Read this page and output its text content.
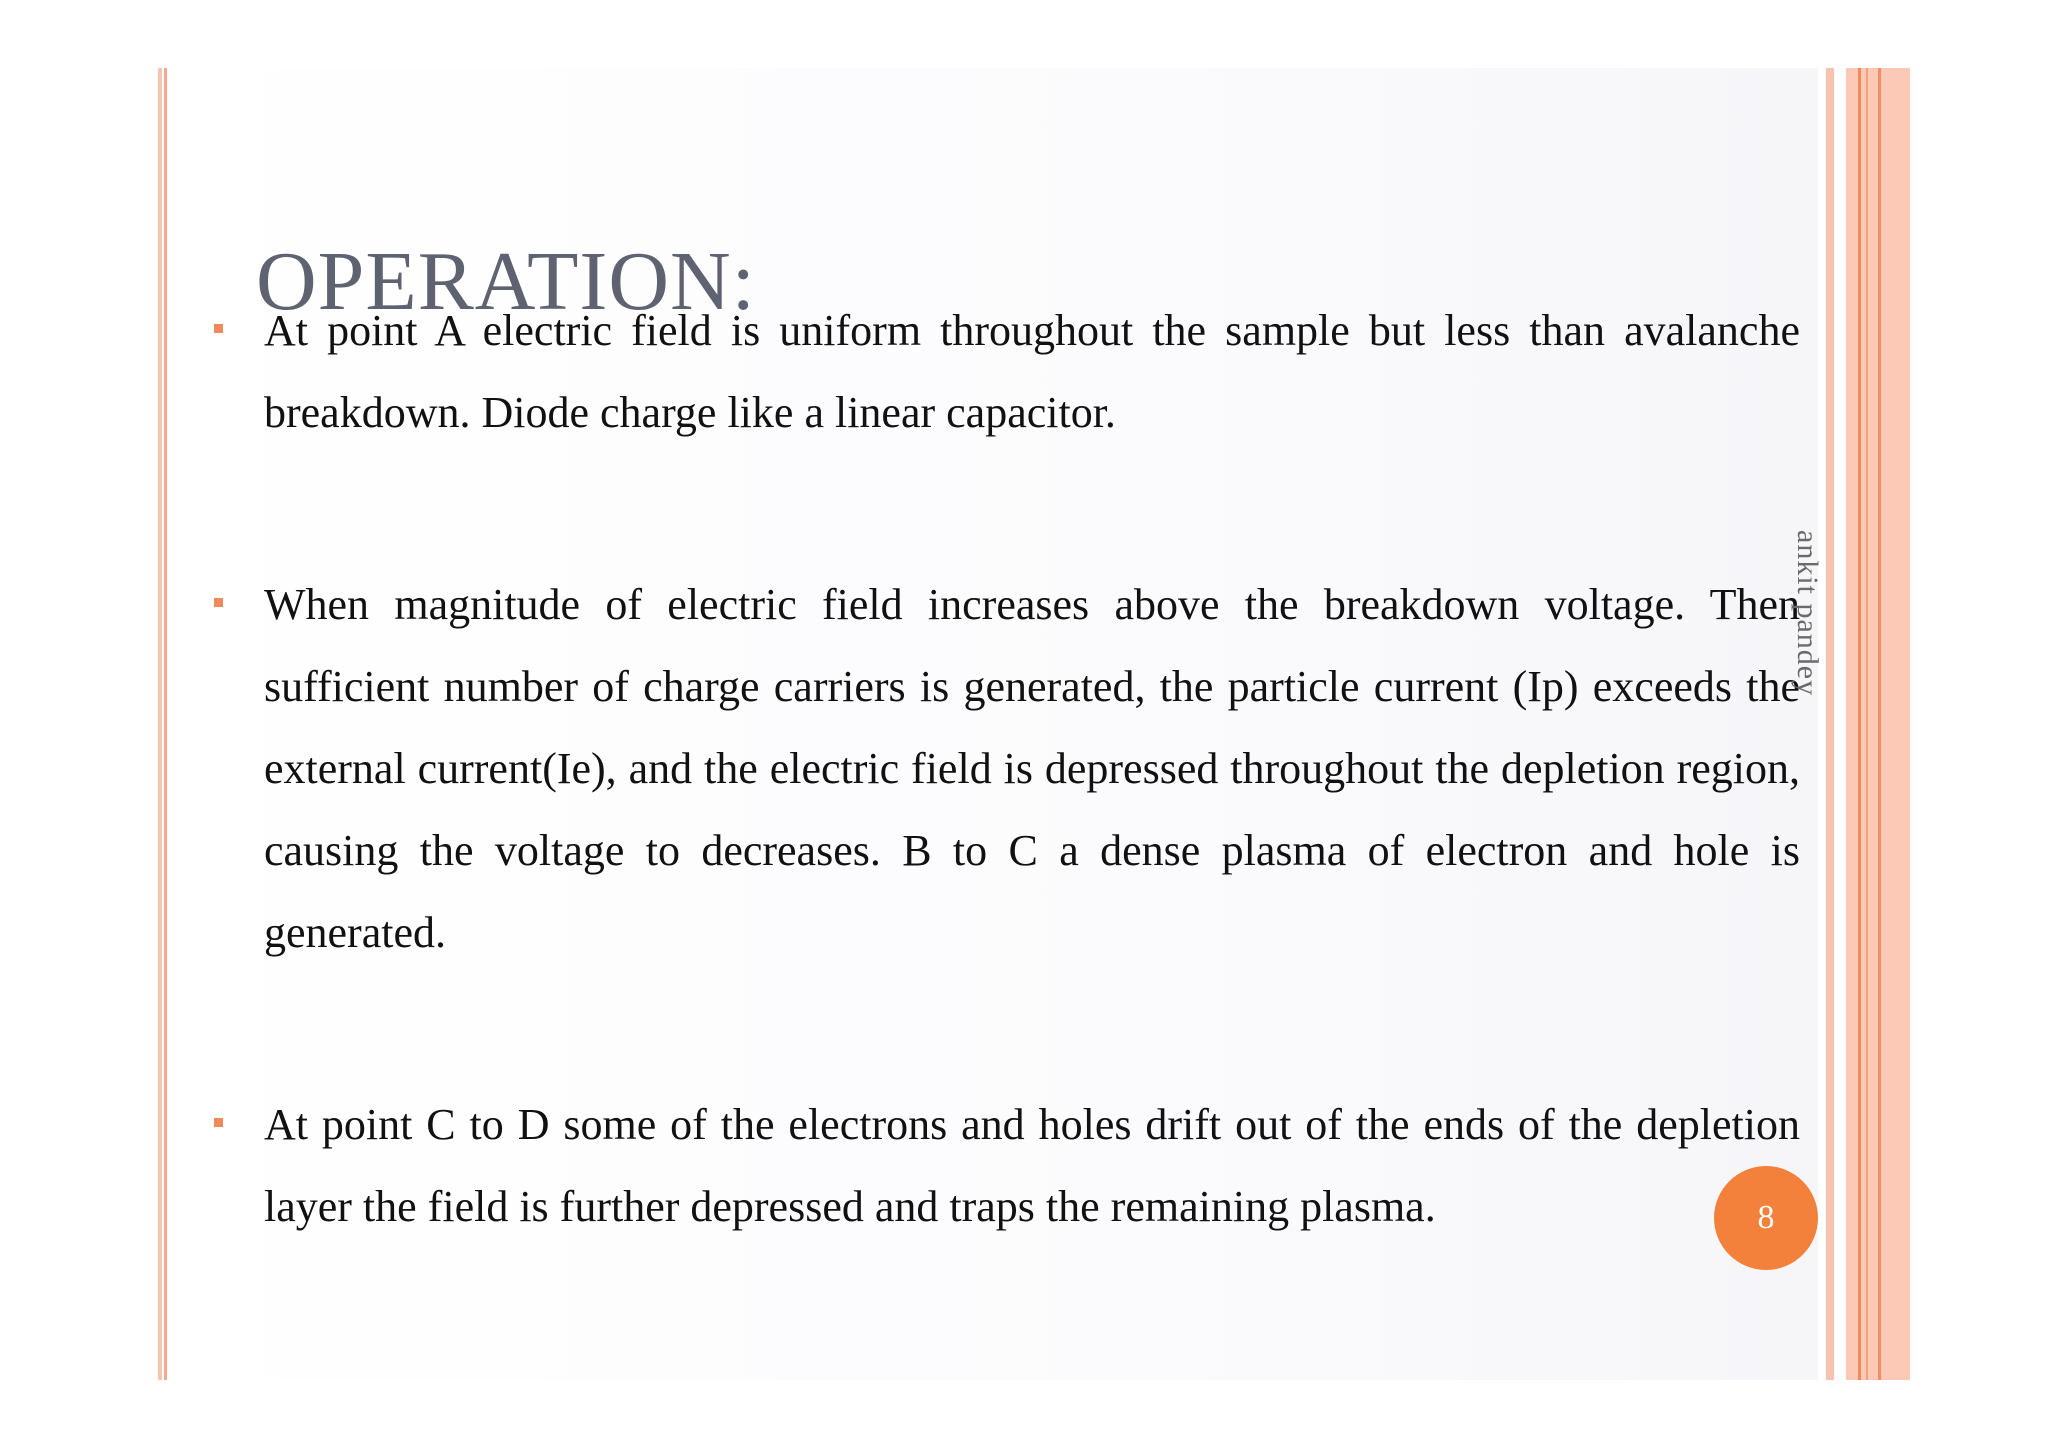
At point A electric field is uniform throughout the sample but less than avalanche breakdown. Diode charge like a linear capacitor.

When magnitude of electric field increases above the breakdown voltage. Then sufficient number of charge carriers is generated, the particle current (Ip) exceeds the external current(Ie), and the electric field is depressed throughout the depletion region, causing the voltage to decreases. B to C a dense plasma of electron and hole is generated.

At point C to D some of the electrons and holes drift out of the ends of the depletion layer the field is further depressed and traps the remaining plasma.

OPERATION:
ankit pandey
8
